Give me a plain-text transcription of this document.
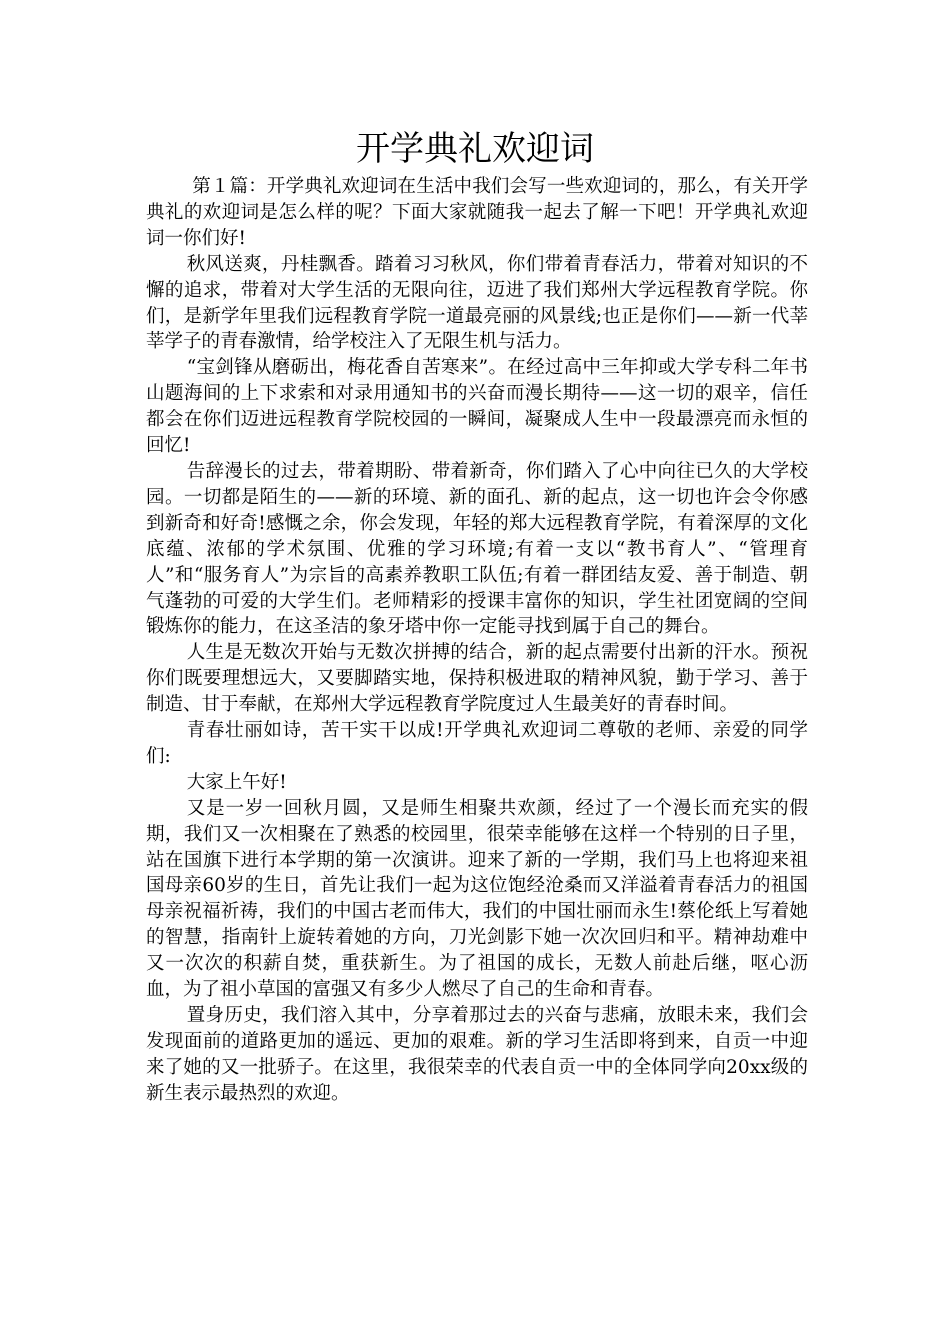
开学典礼欢迎词

第１篇：开学典礼欢迎词在生活中我们会写一些欢迎词的，那么，有关开学典礼的欢迎词是怎么样的呢？下面大家就随我一起去了解一下吧！开学典礼欢迎词一你们好!

秋风送爽，丹桂飘香。踏着习习秋风，你们带着青春活力，带着对知识的不懈的追求，带着对大学生活的无限向往，迈进了我们郑州大学远程教育学院。你们，是新学年里我们远程教育学院一道最亮丽的风景线;也正是你们——新一代莘莘学子的青春激情，给学校注入了无限生机与活力。

“宝剑锋从磨砺出，梅花香自苦寒来”。在经过高中三年抑或大学专科二年书山题海间的上下求索和对录用通知书的兴奋而漫长期待——这一切的艰辛，信任都会在你们迈进远程教育学院校园的一瞬间，凝聚成人生中一段最漂亮而永恒的回忆!

告辞漫长的过去，带着期盼、带着新奇，你们踏入了心中向往已久的大学校园。一切都是陌生的——新的环境、新的面孔、新的起点，这一切也许会令你感到新奇和好奇!感慨之余，你会发现，年轻的郑大远程教育学院，有着深厚的文化底蕴、浓郁的学术氛围、优雅的学习环境;有着一支以“教书育人”、“管理育人”和“服务育人”为宗旨的高素养教职工队伍;有着一群团结友爱、善于制造、朝气蓬勃的可爱的大学生们。老师精彩的授课丰富你的知识，学生社团宽阔的空间锻炼你的能力，在这圣洁的象牙塔中你一定能寻找到属于自己的舞台。

人生是无数次开始与无数次拼搏的结合，新的起点需要付出新的汗水。预祝你们既要理想远大，又要脚踏实地，保持积极进取的精神风貌，勤于学习、善于制造、甘于奉献，在郑州大学远程教育学院度过人生最美好的青春时间。

青春壮丽如诗，苦干实干以成!开学典礼欢迎词二尊敬的老师、亲爱的同学们:

大家上午好!

又是一岁一回秋月圆，又是师生相聚共欢颜，经过了一个漫长而充实的假期，我们又一次相聚在了熟悉的校园里，很荣幸能够在这样一个特别的日子里，站在国旗下进行本学期的第一次演讲。迎来了新的一学期，我们马上也将迎来祖国母亲60岁的生日，首先让我们一起为这位饱经沧桑而又洋溢着青春活力的祖国母亲祝福祈祷，我们的中国古老而伟大，我们的中国壮丽而永生!蔡伦纸上写着她的智慧，指南针上旋转着她的方向，刀光剑影下她一次次回归和平。精神劫难中又一次次的积薪自焚，重获新生。为了祖国的成长，无数人前赴后继，呕心沥血，为了祖小草国的富强又有多少人燃尽了自己的生命和青春。

置身历史，我们溶入其中，分享着那过去的兴奋与悲痛，放眼未来，我们会发现面前的道路更加的遥远、更加的艰难。新的学习生活即将到来，自贡一中迎来了她的又一批骄子。在这里，我很荣幸的代表自贡一中的全体同学向20xx级的新生表示最热烈的欢迎。
